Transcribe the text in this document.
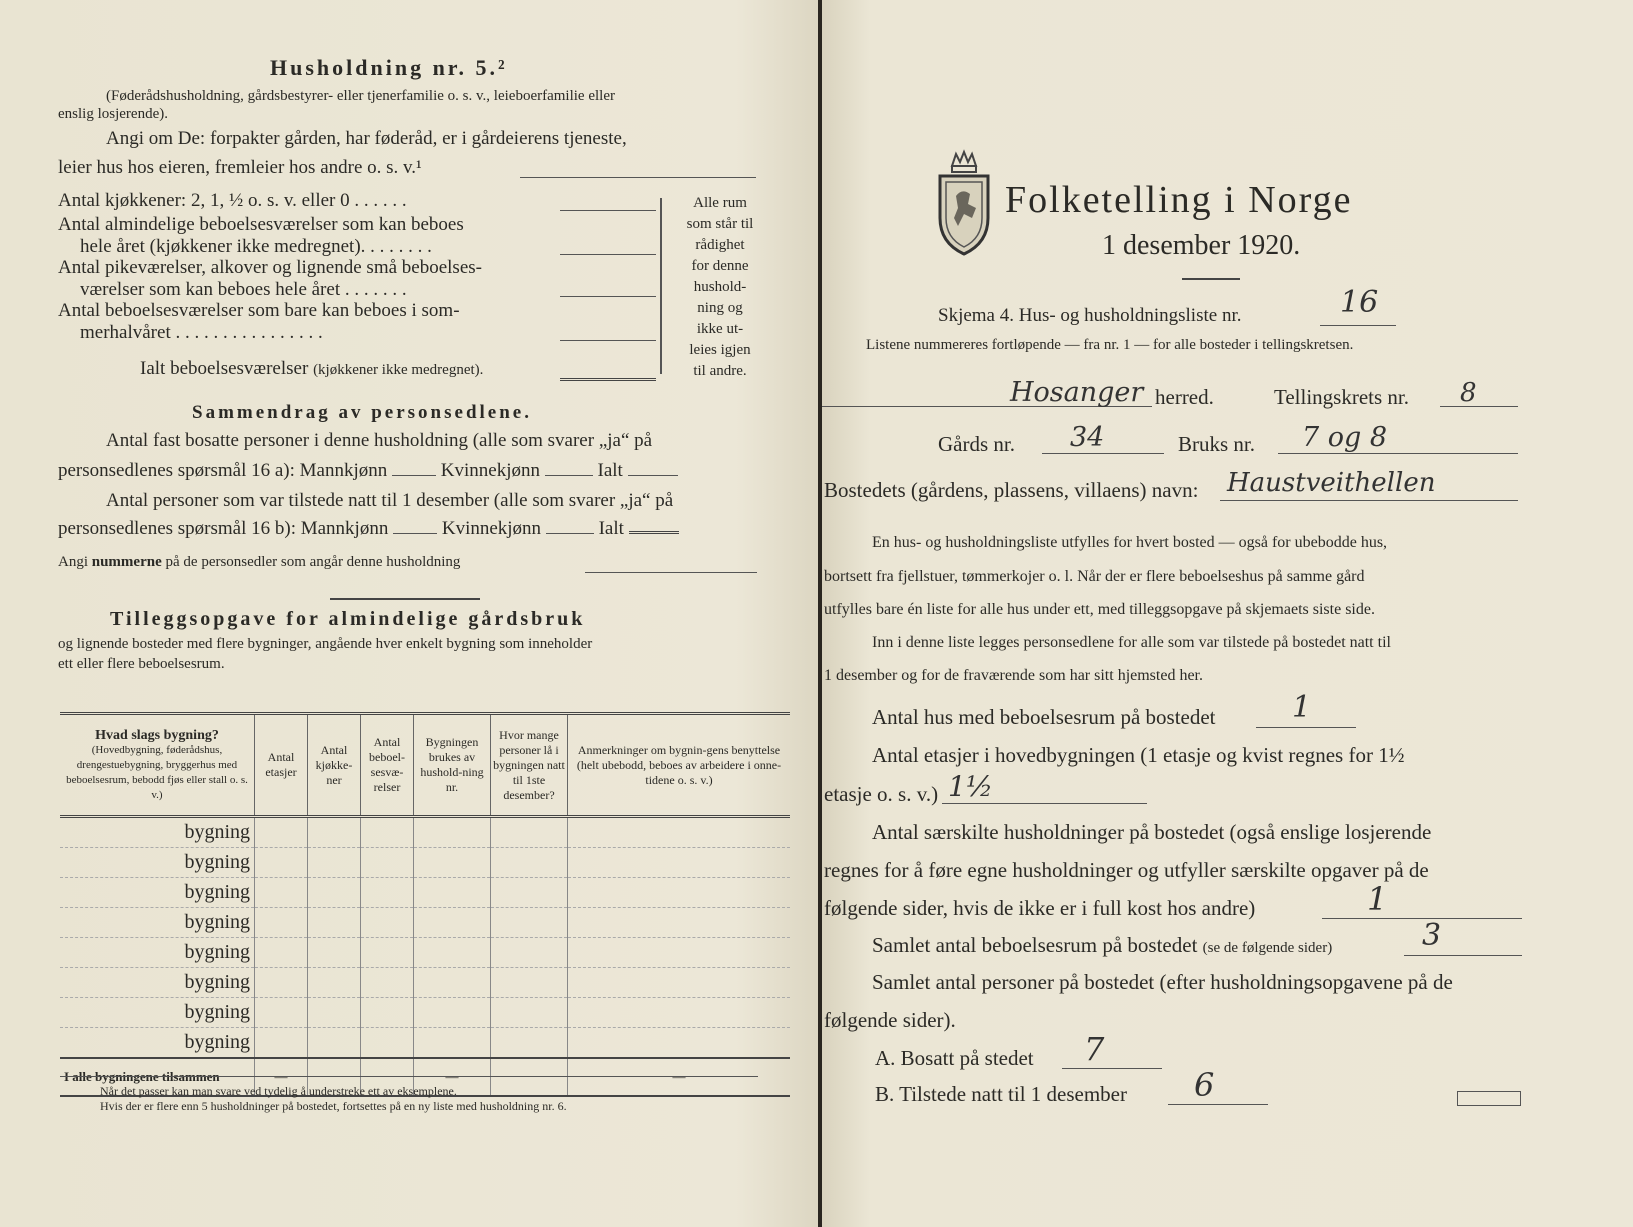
Husholdning nr. 5.²
(Føderådshusholdning, gårdsbestyrer- eller tjenerfamilie o. s. v., leieboerfamilie eller
enslig losjerende).
Angi om De: forpakter gården, har føderåd, er i gårdeierens tjeneste,
leier hus hos eieren, fremleier hos andre o. s. v.¹
Antal kjøkkener: 2, 1, ½ o. s. v. eller 0 . . . . . .
Antal almindelige beboelsesværelser som kan beboes
hele året (kjøkkener ikke medregnet). . . . . . . .
Antal pikeværelser, alkover og lignende små beboelses-
værelser som kan beboes hele året . . . . . . .
Antal beboelsesværelser som bare kan beboes i som-
merhalvåret . . . . . . . . . . . . . . . .
Ialt beboelsesværelser (kjøkkener ikke medregnet).
Alle rum
som står til
rådighet
for denne
hushold-
ning og
ikke ut-
leies igjen
til andre.
Sammendrag av personsedlene.
Antal fast bosatte personer i denne husholdning (alle som svarer „ja“ på
personsedlenes spørsmål 16 a): Mannkjønn	Kvinnekjønn	Ialt
Antal personer som var tilstede natt til 1 desember (alle som svarer „ja“ på
personsedlenes spørsmål 16 b): Mannkjønn	Kvinnekjønn	Ialt
Angi nummerne på de personsedler som angår denne husholdning
Tilleggsopgave for almindelige gårdsbruk
og lignende bosteder med flere bygninger, angående hver enkelt bygning som inneholder
ett eller flere beboelsesrum.
Hvad slags bygning?
(Hovedbygning, føderådshus, drengestuebygning, bryggerhus med beboelsesrum, bebodd fjøs eller stall o. s. v.)	Antal etasjer	Antal kjøkke-ner	Antal beboel-sesvæ-relser	Bygningen brukes av hushold-ning nr.	Hvor mange personer lå i bygningen natt til 1ste desember?	Anmerkninger om bygnin-gens benyttelse (helt ubebodd, beboes av arbeidere i onne-tidene o. s. v.)
bygning						
bygning						
bygning						
bygning						
bygning						
bygning						
bygning						
bygning						
I alle bygningene tilsammen	—			—		—
Når det passer kan man svare ved tydelig å understreke ett av eksemplene.
Hvis der er flere enn 5 husholdninger på bostedet, fortsettes på en ny liste med husholdning nr. 6.
Folketelling i Norge
1 desember 1920.
Skjema 4. Hus- og husholdningsliste nr.	16
Listene nummereres fortløpende — fra nr. 1 — for alle bosteder i tellingskretsen.
Hosanger herred.	Tellingskrets nr. 8
Gårds nr. 34	Bruks nr. 7 og 8
Bostedets (gårdens, plassens, villaens) navn: Haustveithellen
En hus- og husholdningsliste utfylles for hvert bosted — også for ubebodde hus,
bortsett fra fjellstuer, tømmerkojer o. l. Når der er flere beboelseshus på samme gård
utfylles bare én liste for alle hus under ett, med tilleggsopgave på skjemaets siste side.
Inn i denne liste legges personsedlene for alle som var tilstede på bostedet natt til
1 desember og for de fraværende som har sitt hjemsted her.
Antal hus med beboelsesrum på bostedet	1
Antal etasjer i hovedbygningen (1 etasje og kvist regnes for 1½
etasje o. s. v.) 1½
Antal særskilte husholdninger på bostedet (også enslige losjerende
regnes for å føre egne husholdninger og utfyller særskilte opgaver på de
følgende sider, hvis de ikke er i full kost hos andre)	1
Samlet antal beboelsesrum på bostedet (se de følgende sider)	3
Samlet antal personer på bostedet (efter husholdningsopgavene på de
følgende sider).
A. Bosatt på stedet 7
B. Tilstede natt til 1 desember 6
